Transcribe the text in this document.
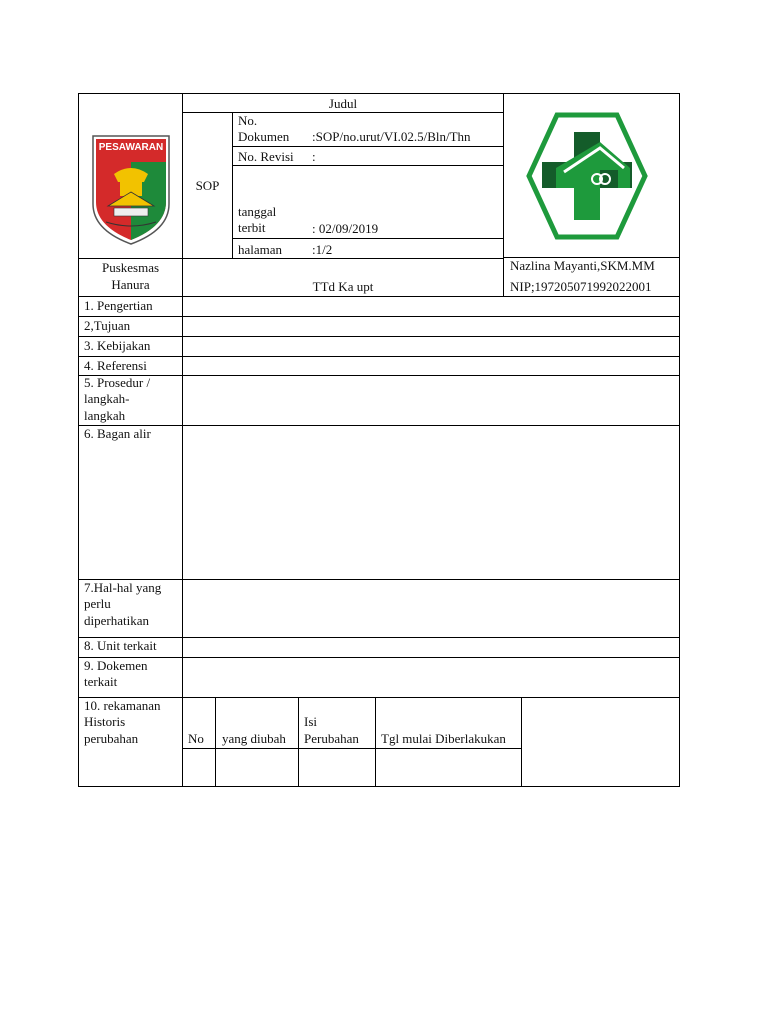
PESAWARAN
Puskesmas
Hanura
Judul
SOP
No.
Dokumen :SOP/no.urut/VI.02.5/Bln/Thn
No. Revisi :
tanggal
terbit	: 02/09/2019
halaman :1/2
TTd Ka upt
Nazlina Mayanti,SKM.MM
NIP;197205071992022001
1. Pengertian
2,Tujuan
3. Kebijakan
4. Referensi
5. Prosedur /
langkah-
langkah
6. Bagan alir
7.Hal-hal yang
perlu
diperhatikan
8. Unit terkait
9. Dokemen
terkait
10. rekamanan
Historis
perubahan	No yang diubah
Isi
Perubahan Tgl mulai Diberlakukan
